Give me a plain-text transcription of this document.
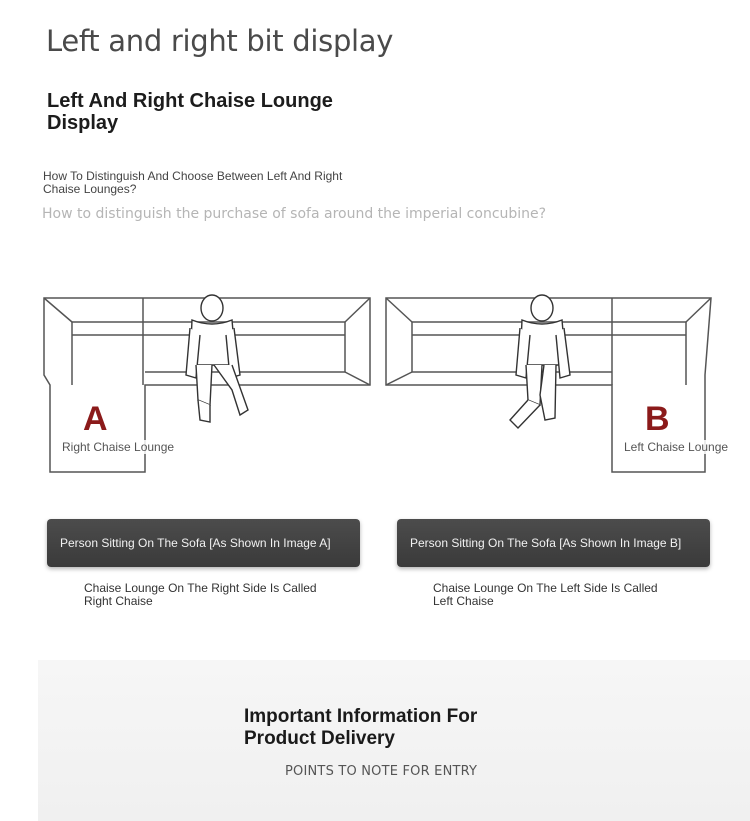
Left and right bit display
Left And Right Chaise Lounge Display
How To Distinguish And Choose Between Left And Right Chaise Lounges?
How to distinguish the purchase of sofa around the imperial concubine?
A	B
Right Chaise Lounge	Left Chaise Lounge
Person Sitting On The Sofa [As Shown In Image A]	Person Sitting On The Sofa [As Shown In Image B]
Chaise Lounge On The Right Side Is Called Right Chaise
Chaise Lounge On The Left Side Is Called Left Chaise
Important Information For Product Delivery
POINTS TO NOTE FOR ENTRY
